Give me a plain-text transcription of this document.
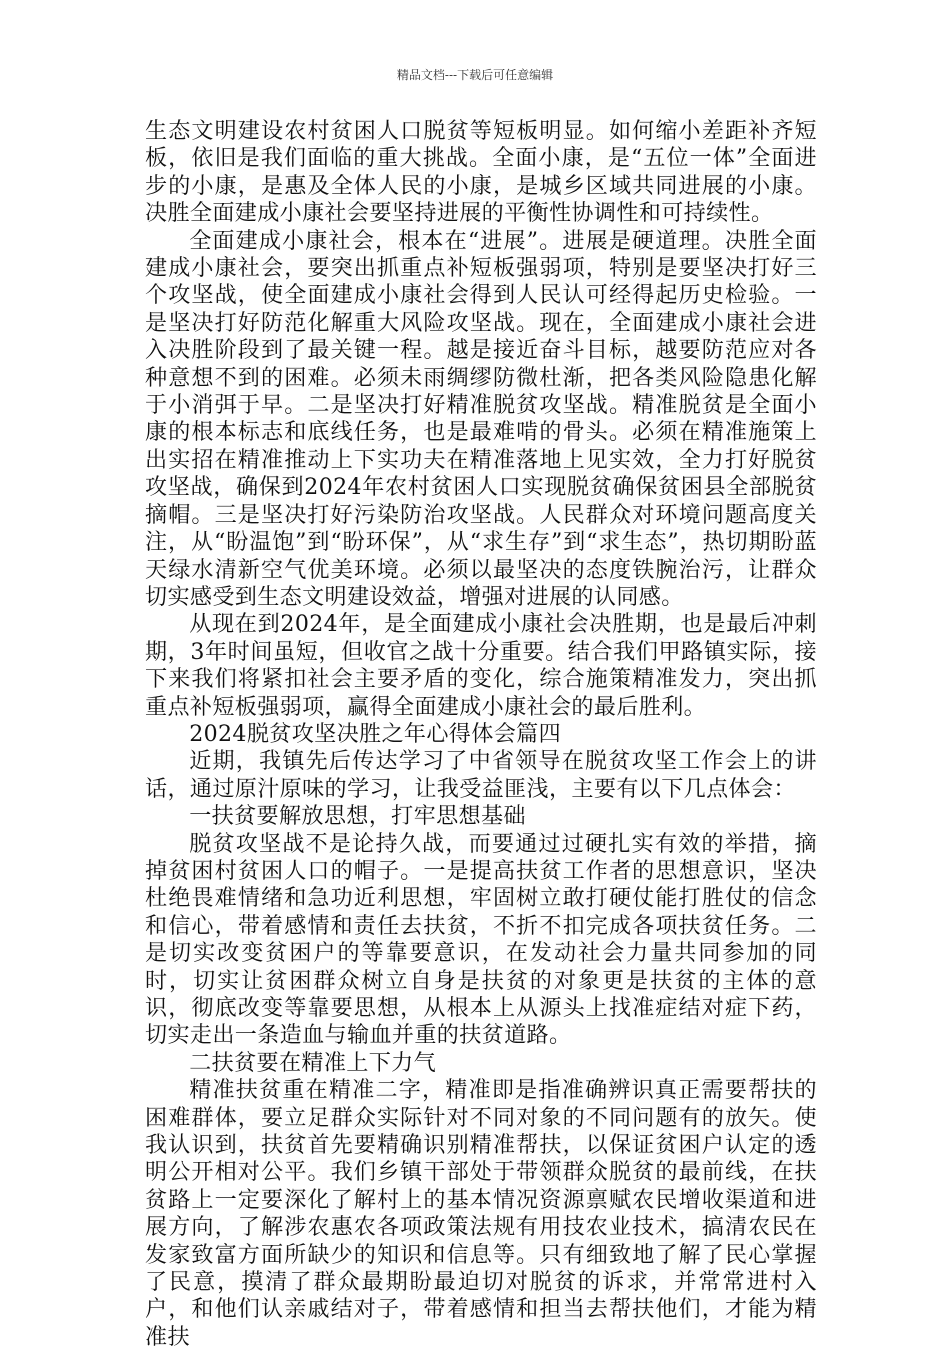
精品文档---下载后可任意编辑

生态文明建设农村贫困人口脱贫等短板明显。如何缩小差距补齐短板，依旧是我们面临的重大挑战。全面小康，是“五位一体”全面进步的小康，是惠及全体人民的小康，是城乡区域共同进展的小康。决胜全面建成小康社会要坚持进展的平衡性协调性和可持续性。

全面建成小康社会，根本在“进展”。进展是硬道理。决胜全面建成小康社会，要突出抓重点补短板强弱项，特别是要坚决打好三个攻坚战，使全面建成小康社会得到人民认可经得起历史检验。一是坚决打好防范化解重大风险攻坚战。现在，全面建成小康社会进入决胜阶段到了最关键一程。越是接近奋斗目标，越要防范应对各种意想不到的困难。必须未雨绸缪防微杜渐，把各类风险隐患化解于小消弭于早。二是坚决打好精准脱贫攻坚战。精准脱贫是全面小康的根本标志和底线任务，也是最难啃的骨头。必须在精准施策上出实招在精准推动上下实功夫在精准落地上见实效，全力打好脱贫攻坚战，确保到2024年农村贫困人口实现脱贫确保贫困县全部脱贫摘帽。三是坚决打好污染防治攻坚战。人民群众对环境问题高度关注，从“盼温饱”到“盼环保”，从“求生存”到“求生态”，热切期盼蓝天绿水清新空气优美环境。必须以最坚决的态度铁腕治污，让群众切实感受到生态文明建设效益，增强对进展的认同感。

从现在到2024年，是全面建成小康社会决胜期，也是最后冲刺期，3年时间虽短，但收官之战十分重要。结合我们甲路镇实际，接下来我们将紧扣社会主要矛盾的变化，综合施策精准发力，突出抓重点补短板强弱项，赢得全面建成小康社会的最后胜利。

2024脱贫攻坚决胜之年心得体会篇四

近期，我镇先后传达学习了中省领导在脱贫攻坚工作会上的讲话，通过原汁原味的学习，让我受益匪浅，主要有以下几点体会：

一扶贫要解放思想，打牢思想基础

脱贫攻坚战不是论持久战，而要通过过硬扎实有效的举措，摘掉贫困村贫困人口的帽子。一是提高扶贫工作者的思想意识，坚决杜绝畏难情绪和急功近利思想，牢固树立敢打硬仗能打胜仗的信念和信心，带着感情和责任去扶贫，不折不扣完成各项扶贫任务。二是切实改变贫困户的等靠要意识，在发动社会力量共同参加的同时，切实让贫困群众树立自身是扶贫的对象更是扶贫的主体的意识，彻底改变等靠要思想，从根本上从源头上找准症结对症下药，切实走出一条造血与输血并重的扶贫道路。

二扶贫要在精准上下力气

精准扶贫重在精准二字，精准即是指准确辨识真正需要帮扶的困难群体，要立足群众实际针对不同对象的不同问题有的放矢。使我认识到，扶贫首先要精确识别精准帮扶，以保证贫困户认定的透明公开相对公平。我们乡镇干部处于带领群众脱贫的最前线，在扶贫路上一定要深化了解村上的基本情况资源禀赋农民增收渠道和进展方向，了解涉农惠农各项政策法规有用技农业技术，搞清农民在发家致富方面所缺少的知识和信息等。只有细致地了解了民心掌握了民意，摸清了群众最期盼最迫切对脱贫的诉求，并常常进村入户，和他们认亲戚结对子，带着感情和担当去帮扶他们，才能为精准扶
